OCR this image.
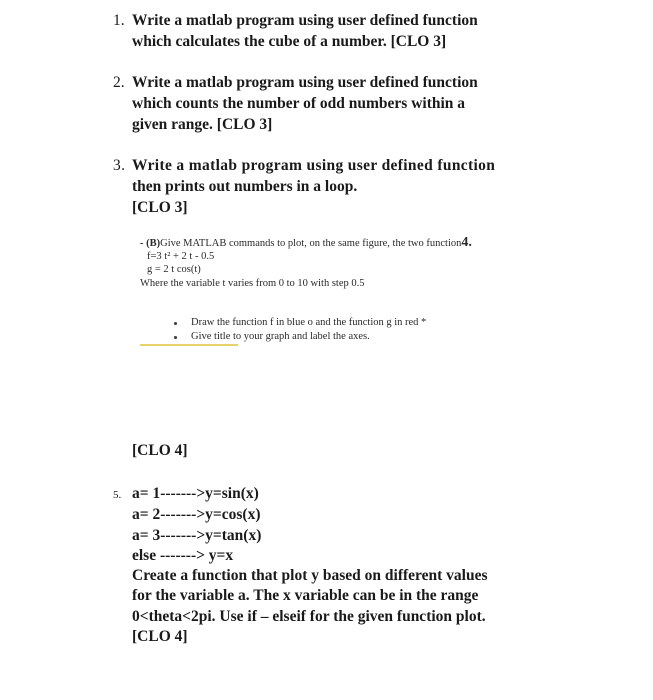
1. Write a matlab program using user defined function
which calculates the cube of a number. [CLO 3]
2. Write a matlab program using user defined function
which counts the number of odd numbers within a
given range. [CLO 3]
3. Write a matlab program using user defined function
then prints out numbers in a loop.
[CLO 3]
- (B)Give MATLAB commands to plot, on the same figure, the two function4.
f=3 t² + 2 t - 0.5
g = 2 t cos(t)
Where the variable t varies from 0 to 10 with step 0.5
Draw the function f in blue o and the function g in red *
Give title to your graph and label the axes.
[CLO 4]
5. a= 1------->y=sin(x)
a= 2------->y=cos(x)
a= 3------->y=tan(x)
else -------> y=x
Create a function that plot y based on different values
for the variable a. The x variable can be in the range
0<theta<2pi. Use if – elseif for the given function plot.
[CLO 4]
